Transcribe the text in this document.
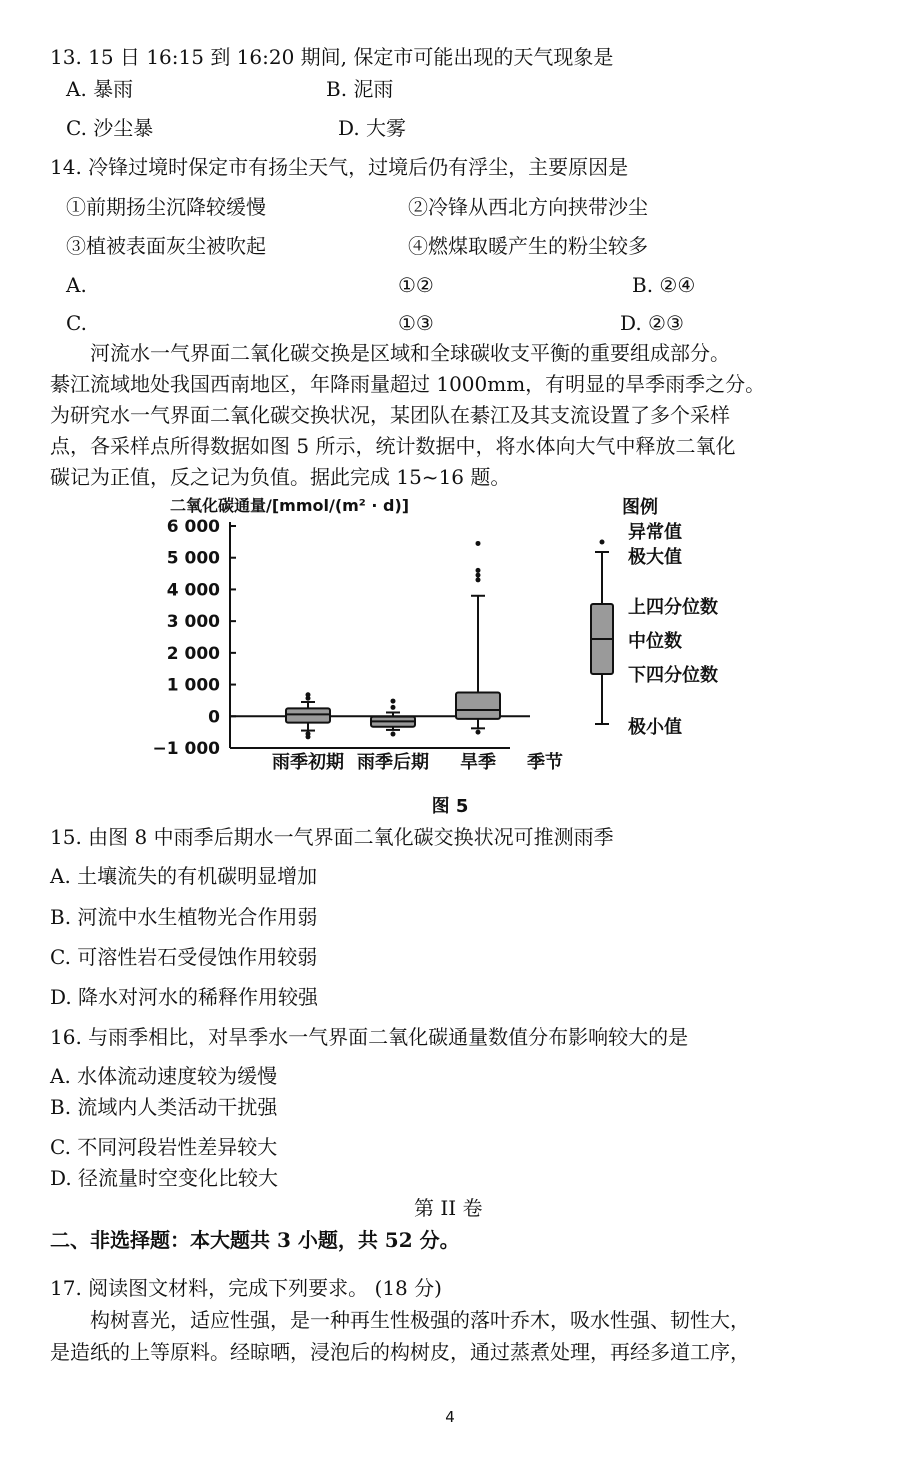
13. 15 日 16:15 到 16:20 期间, 保定市可能出现的天气现象是
A. 暴雨	B. 泥雨
C. 沙尘暴	D. 大雾
14. 冷锋过境时保定市有扬尘天气，过境后仍有浮尘，主要原因是
①前期扬尘沉降较缓慢	②冷锋从西北方向挟带沙尘
③植被表面灰尘被吹起	④燃煤取暖产生的粉尘较多
A.	①②	B. ②④
C.	①③	D. ②③
河流水一气界面二氧化碳交换是区域和全球碳收支平衡的重要组成部分。
綦江流域地处我国西南地区，年降雨量超过 1000mm，有明显的旱季雨季之分。
为研究水一气界面二氧化碳交换状况，某团队在綦江及其支流设置了多个采样
点，各采样点所得数据如图 5 所示，统计数据中，将水体向大气中释放二氧化
碳记为正值，反之记为负值。据此完成 15~16 题。
二氧化碳通量/[mmol/(m² · d)]	图例
季节
−1 000
0
1 000
2 000
3 000
4 000
5 000
6 000
雨季初期 雨季后期 旱季
异常值
极大值
上四分位数
中位数
下四分位数
极小值
图 5
15. 由图 8 中雨季后期水一气界面二氧化碳交换状况可推测雨季
A. 土壤流失的有机碳明显增加
B. 河流中水生植物光合作用弱
C. 可溶性岩石受侵蚀作用较弱
D. 降水对河水的稀释作用较强
16. 与雨季相比，对旱季水一气界面二氧化碳通量数值分布影响较大的是
A. 水体流动速度较为缓慢
B. 流域内人类活动干扰强
C. 不同河段岩性差异较大
D. 径流量时空变化比较大
第 II 卷
二、非选择题：本大题共 3 小题，共 52 分。
17. 阅读图文材料，完成下列要求。 (18 分)
构树喜光，适应性强，是一种再生性极强的落叶乔木，吸水性强、韧性大，
是造纸的上等原料。经晾晒，浸泡后的构树皮，通过蒸煮处理，再经多道工序，
4
